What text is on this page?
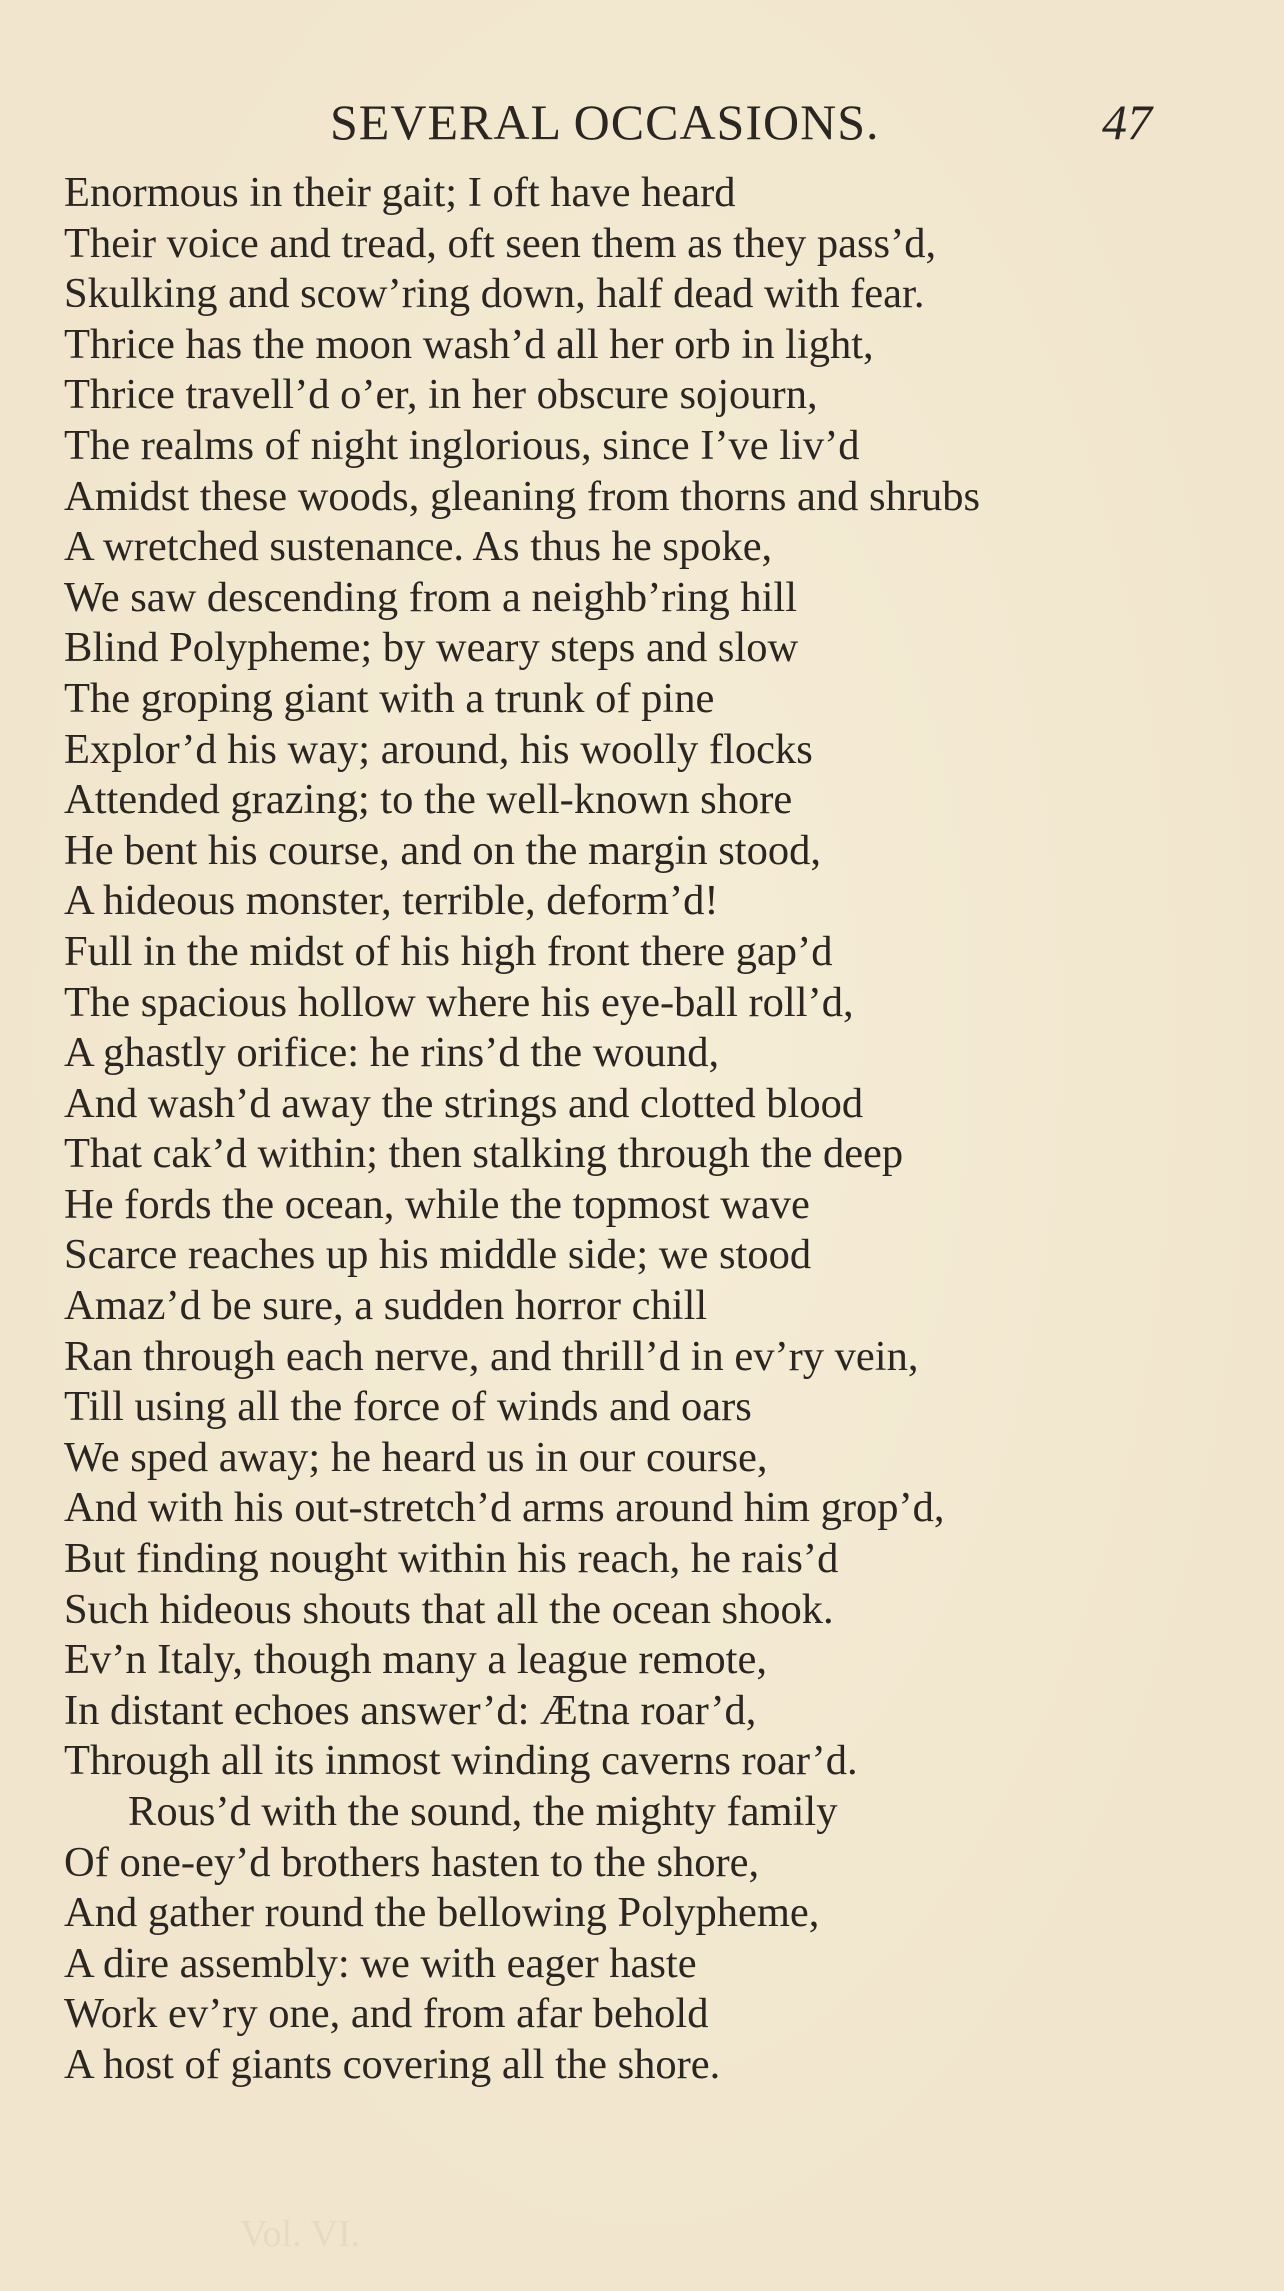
SEVERAL OCCASIONS.	47
Enormous in their gait; I oft have heard
Their voice and tread, oft seen them as they pass’d,
Skulking and scow’ring down, half dead with fear.
Thrice has the moon wash’d all her orb in light,
Thrice travell’d o’er, in her obscure sojourn,
The realms of night inglorious, since I’ve liv’d
Amidst these woods, gleaning from thorns and shrubs
A wretched sustenance. As thus he spoke,
We saw descending from a neighb’ring hill
Blind Polypheme; by weary steps and slow
The groping giant with a trunk of pine
Explor’d his way; around, his woolly flocks
Attended grazing; to the well-known shore
He bent his course, and on the margin stood,
A hideous monster, terrible, deform’d!
Full in the midst of his high front there gap’d
The spacious hollow where his eye-ball roll’d,
A ghastly orifice: he rins’d the wound,
And wash’d away the strings and clotted blood
That cak’d within; then stalking through the deep
He fords the ocean, while the topmost wave
Scarce reaches up his middle side; we stood
Amaz’d be sure, a sudden horror chill
Ran through each nerve, and thrill’d in ev’ry vein,
Till using all the force of winds and oars
We sped away; he heard us in our course,
And with his out-stretch’d arms around him grop’d,
But finding nought within his reach, he rais’d
Such hideous shouts that all the ocean shook.
Ev’n Italy, though many a league remote,
In distant echoes answer’d: Ætna roar’d,
Through all its inmost winding caverns roar’d.
Rous’d with the sound, the mighty family
Of one-ey’d brothers hasten to the shore,
And gather round the bellowing Polypheme,
A dire assembly: we with eager haste
Work ev’ry one, and from afar behold
A host of giants covering all the shore.
Vol. VI.
